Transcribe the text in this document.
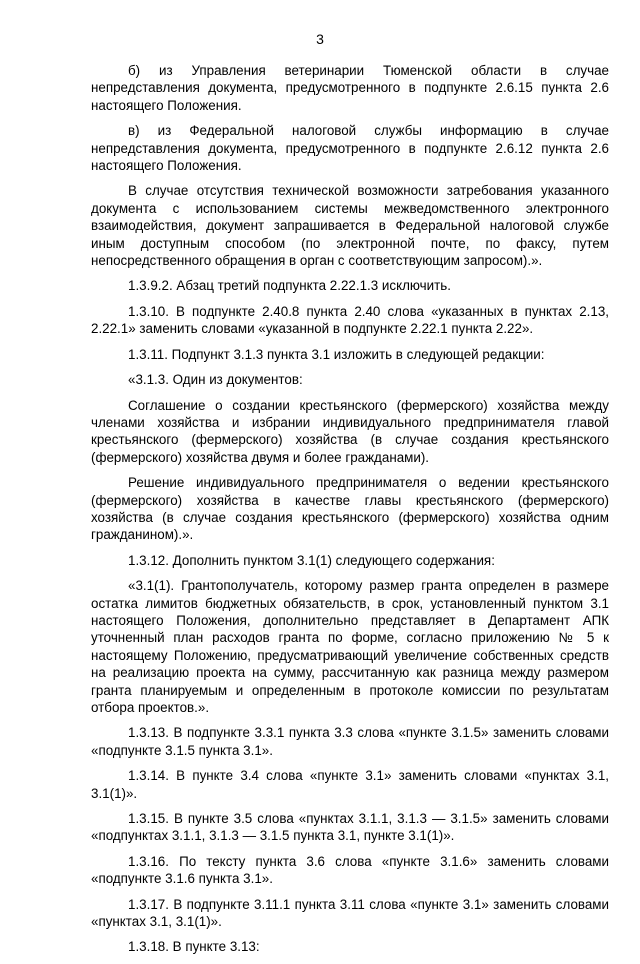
3

б) из Управления ветеринарии Тюменской области в случае непредставления документа, предусмотренного в подпункте 2.6.15 пункта 2.6 настоящего Положения.

в) из Федеральной налоговой службы информацию в случае непредставления документа, предусмотренного в подпункте 2.6.12 пункта 2.6 настоящего Положения.

В случае отсутствия технической возможности затребования указанного документа с использованием системы межведомственного электронного взаимодействия, документ запрашивается в Федеральной налоговой службе иным доступным способом (по электронной почте, по факсу, путем непосредственного обращения в орган с соответствующим запросом).».

1.3.9.2. Абзац третий подпункта 2.22.1.3 исключить.

1.3.10. В подпункте 2.40.8 пункта 2.40 слова «указанных в пунктах 2.13, 2.22.1» заменить словами «указанной в подпункте 2.22.1 пункта 2.22».

1.3.11. Подпункт 3.1.3 пункта 3.1 изложить в следующей редакции:

«3.1.3. Один из документов:

Соглашение о создании крестьянского (фермерского) хозяйства между членами хозяйства и избрании индивидуального предпринимателя главой крестьянского (фермерского) хозяйства (в случае создания крестьянского (фермерского) хозяйства двумя и более гражданами).

Решение индивидуального предпринимателя о ведении крестьянского (фермерского) хозяйства в качестве главы крестьянского (фермерского) хозяйства (в случае создания крестьянского (фермерского) хозяйства одним гражданином).».

1.3.12. Дополнить пунктом 3.1(1) следующего содержания:

«3.1(1). Грантополучатель, которому размер гранта определен в размере остатка лимитов бюджетных обязательств, в срок, установленный пунктом 3.1 настоящего Положения, дополнительно представляет в Департамент АПК уточненный план расходов гранта по форме, согласно приложению № 5 к настоящему Положению, предусматривающий увеличение собственных средств на реализацию проекта на сумму, рассчитанную как разница между размером гранта планируемым и определенным в протоколе комиссии по результатам отбора проектов.».

1.3.13. В подпункте 3.3.1 пункта 3.3 слова «пункте 3.1.5» заменить словами «подпункте 3.1.5 пункта 3.1».

1.3.14. В пункте 3.4 слова «пункте 3.1» заменить словами «пунктах 3.1, 3.1(1)».

1.3.15. В пункте 3.5 слова «пунктах 3.1.1, 3.1.3 — 3.1.5» заменить словами «подпунктах 3.1.1, 3.1.3 — 3.1.5 пункта 3.1, пункте 3.1(1)».

1.3.16. По тексту пункта 3.6 слова «пункте 3.1.6» заменить словами «подпункте 3.1.6 пункта 3.1».

1.3.17. В подпункте 3.11.1 пункта 3.11 слова «пункте 3.1» заменить словами «пунктах 3.1, 3.1(1)».

1.3.18. В пункте 3.13:
